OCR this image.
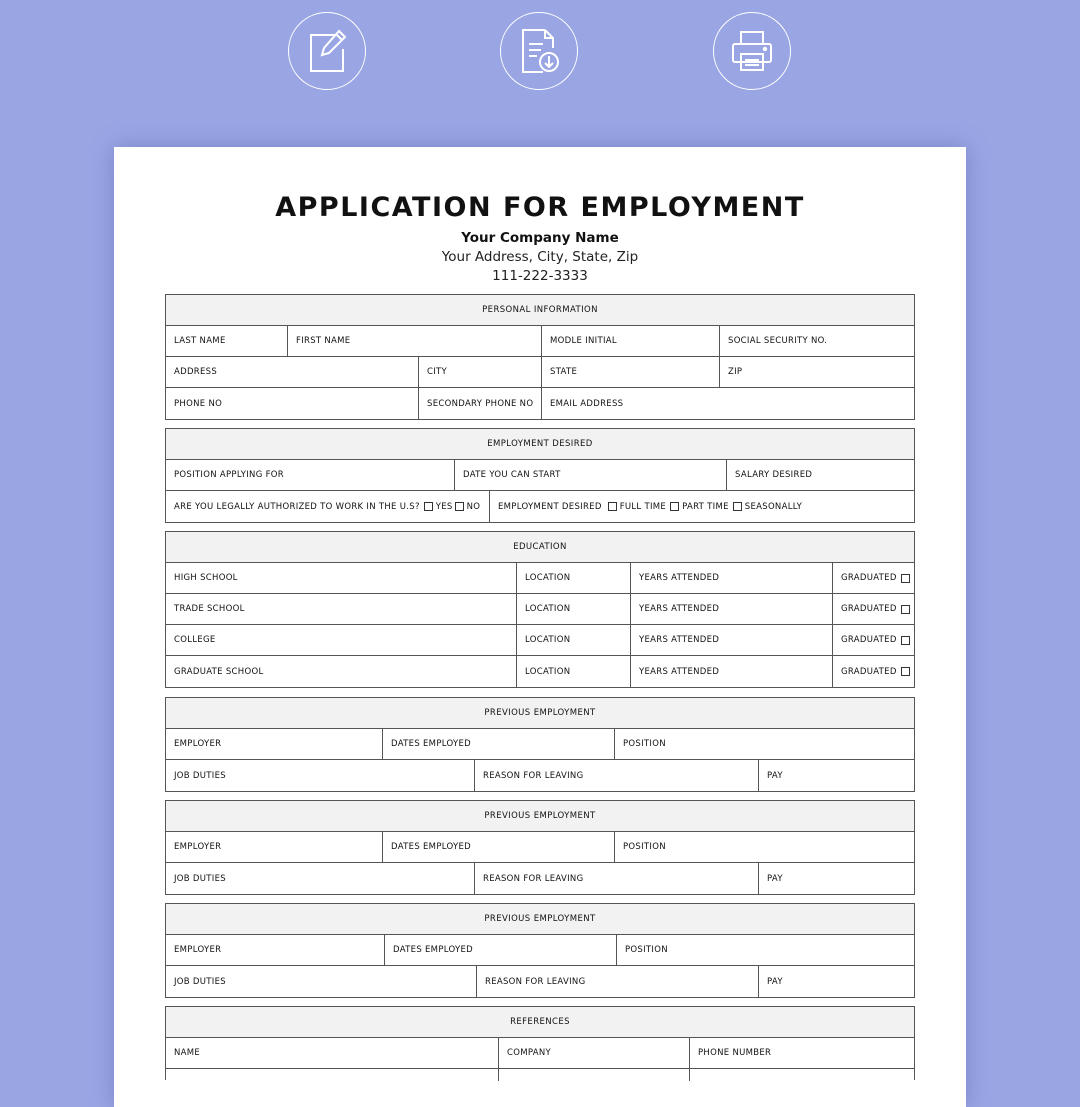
APPLICATION FOR EMPLOYMENT
Your Company Name
Your Address, City, State, Zip
111-222-3333
PERSONAL INFORMATION
LAST NAME	FIRST NAME	MODLE INITIAL	SOCIAL SECURITY NO.
ADDRESS	CITY	STATE	ZIP
PHONE NO	SECONDARY PHONE NO	EMAIL ADDRESS
EMPLOYMENT DESIRED
POSITION APPLYING FOR	DATE YOU CAN START	SALARY DESIRED
ARE YOU LEGALLY AUTHORIZED TO WORK IN THE U.S? YES NO EMPLOYMENT DESIRED FULL TIME PART TIME SEASONALLY
EDUCATION
HIGH SCHOOL	LOCATION	YEARS ATTENDED	GRADUATED
TRADE SCHOOL	LOCATION	YEARS ATTENDED	GRADUATED
COLLEGE	LOCATION	YEARS ATTENDED	GRADUATED
GRADUATE SCHOOL	LOCATION	YEARS ATTENDED	GRADUATED
PREVIOUS EMPLOYMENT
EMPLOYER	DATES EMPLOYED	POSITION
JOB DUTIES	REASON FOR LEAVING	PAY
PREVIOUS EMPLOYMENT
EMPLOYER	DATES EMPLOYED	POSITION
JOB DUTIES	REASON FOR LEAVING	PAY
PREVIOUS EMPLOYMENT
EMPLOYER	DATES EMPLOYED	POSITION
JOB DUTIES	REASON FOR LEAVING	PAY
REFERENCES
NAME	COMPANY	PHONE NUMBER
